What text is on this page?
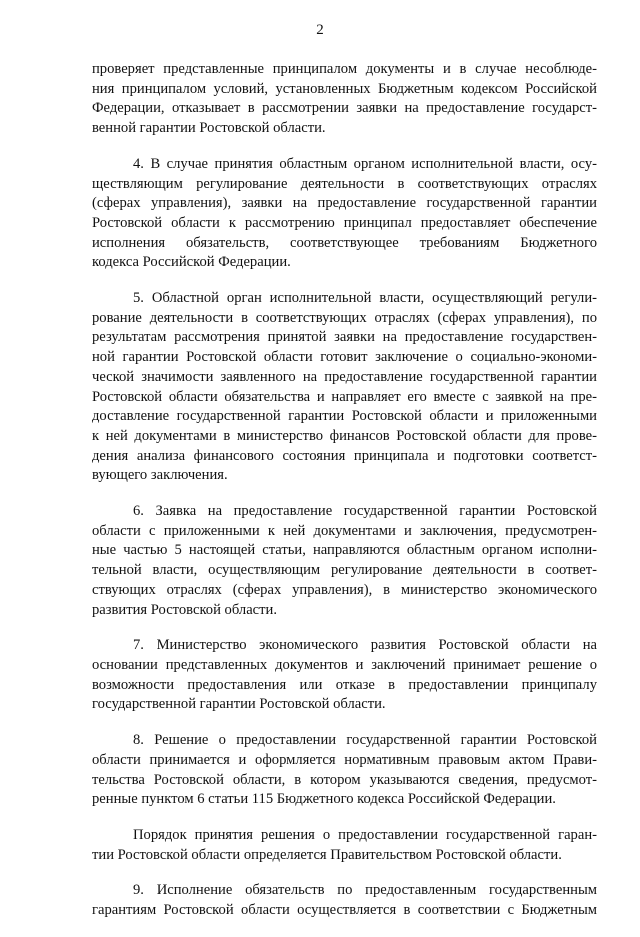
2

проверяет представленные принципалом документы и в случае несоблюде-
ния принципалом условий, установленных Бюджетным кодексом Российской
Федерации, отказывает в рассмотрении заявки на предоставление государст-
венной гарантии Ростовской области.

4. В случае принятия областным органом исполнительной власти, осу-
ществляющим регулирование деятельности в соответствующих отраслях
(сферах управления), заявки на предоставление государственной гарантии
Ростовской области к рассмотрению принципал предоставляет обеспечение
исполнения обязательств, соответствующее требованиям Бюджетного
кодекса Российской Федерации.

5. Областной орган исполнительной власти, осуществляющий регули-
рование деятельности в соответствующих отраслях (сферах управления), по
результатам рассмотрения принятой заявки на предоставление государствен-
ной гарантии Ростовской области готовит заключение о социально-экономи-
ческой значимости заявленного на предоставление государственной гарантии
Ростовской области обязательства и направляет его вместе с заявкой на пре-
доставление государственной гарантии Ростовской области и приложенными
к ней документами в министерство финансов Ростовской области для прове-
дения анализа финансового состояния принципала и подготовки соответст-
вующего заключения.

6. Заявка на предоставление государственной гарантии Ростовской
области с приложенными к ней документами и заключения, предусмотрен-
ные частью 5 настоящей статьи, направляются областным органом исполни-
тельной власти, осуществляющим регулирование деятельности в соответ-
ствующих отраслях (сферах управления), в министерство экономического
развития Ростовской области.

7. Министерство экономического развития Ростовской области на
основании представленных документов и заключений принимает решение о
возможности предоставления или отказе в предоставлении принципалу
государственной гарантии Ростовской области.

8. Решение о предоставлении государственной гарантии Ростовской
области принимается и оформляется нормативным правовым актом Прави-
тельства Ростовской области, в котором указываются сведения, предусмот-
ренные пунктом 6 статьи 115 Бюджетного кодекса Российской Федерации.

Порядок принятия решения о предоставлении государственной гаран-
тии Ростовской области определяется Правительством Ростовской области.

9. Исполнение обязательств по предоставленным государственным
гарантиям Ростовской области осуществляется в соответствии с Бюджетным
